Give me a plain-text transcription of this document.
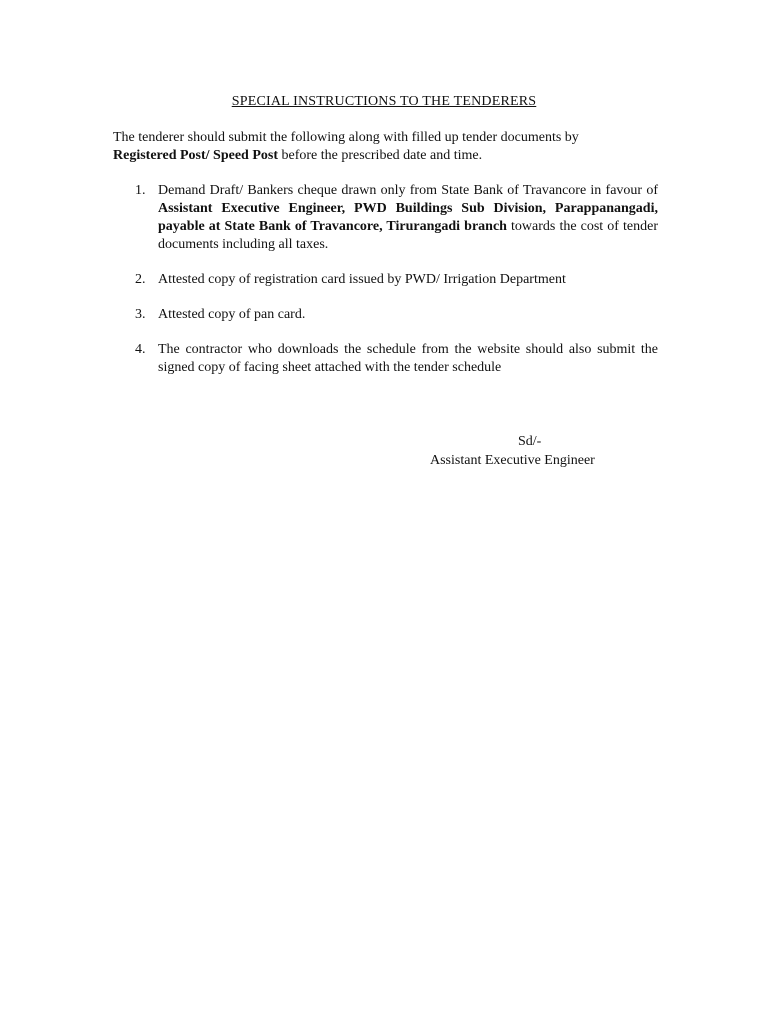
SPECIAL INSTRUCTIONS TO THE TENDERERS
The tenderer should submit the following along with filled up tender documents by
Registered Post/ Speed Post before the prescribed date and time.
1. Demand Draft/ Bankers cheque drawn only from State Bank of Travancore in favour of Assistant Executive Engineer, PWD Buildings Sub Division, Parappanangadi, payable at State Bank of Travancore, Tirurangadi branch towards the cost of tender documents including all taxes.
2. Attested copy of registration card issued by PWD/ Irrigation Department
3. Attested copy of pan card.
4. The contractor who downloads the schedule from the website should also submit the signed copy of facing sheet attached with the tender schedule
Sd/-
Assistant Executive Engineer
